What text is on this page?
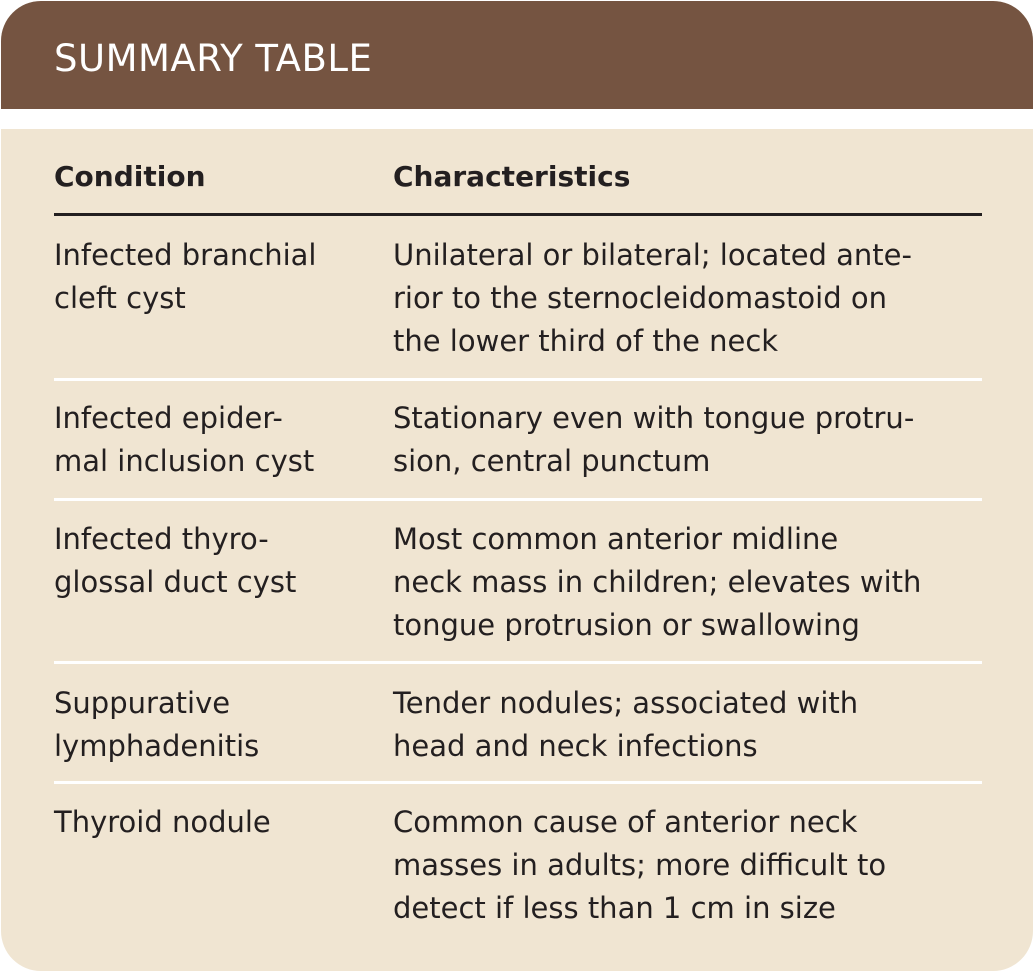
SUMMARY TABLE
Condition	Characteristics
Infected branchial
cleft cyst
Unilateral or bilateral; located ante-
rior to the sternocleidomastoid on
the lower third of the neck
Infected epider-
mal inclusion cyst
Stationary even with tongue protru-
sion, central punctum
Infected thyro-
glossal duct cyst
Most common anterior midline
neck mass in children; elevates with
tongue protrusion or swallowing
Suppurative
lymphadenitis
Tender nodules; associated with
head and neck infections
Thyroid nodule	Common cause of anterior neck
masses in adults; more difficult to
detect if less than 1 cm in size
